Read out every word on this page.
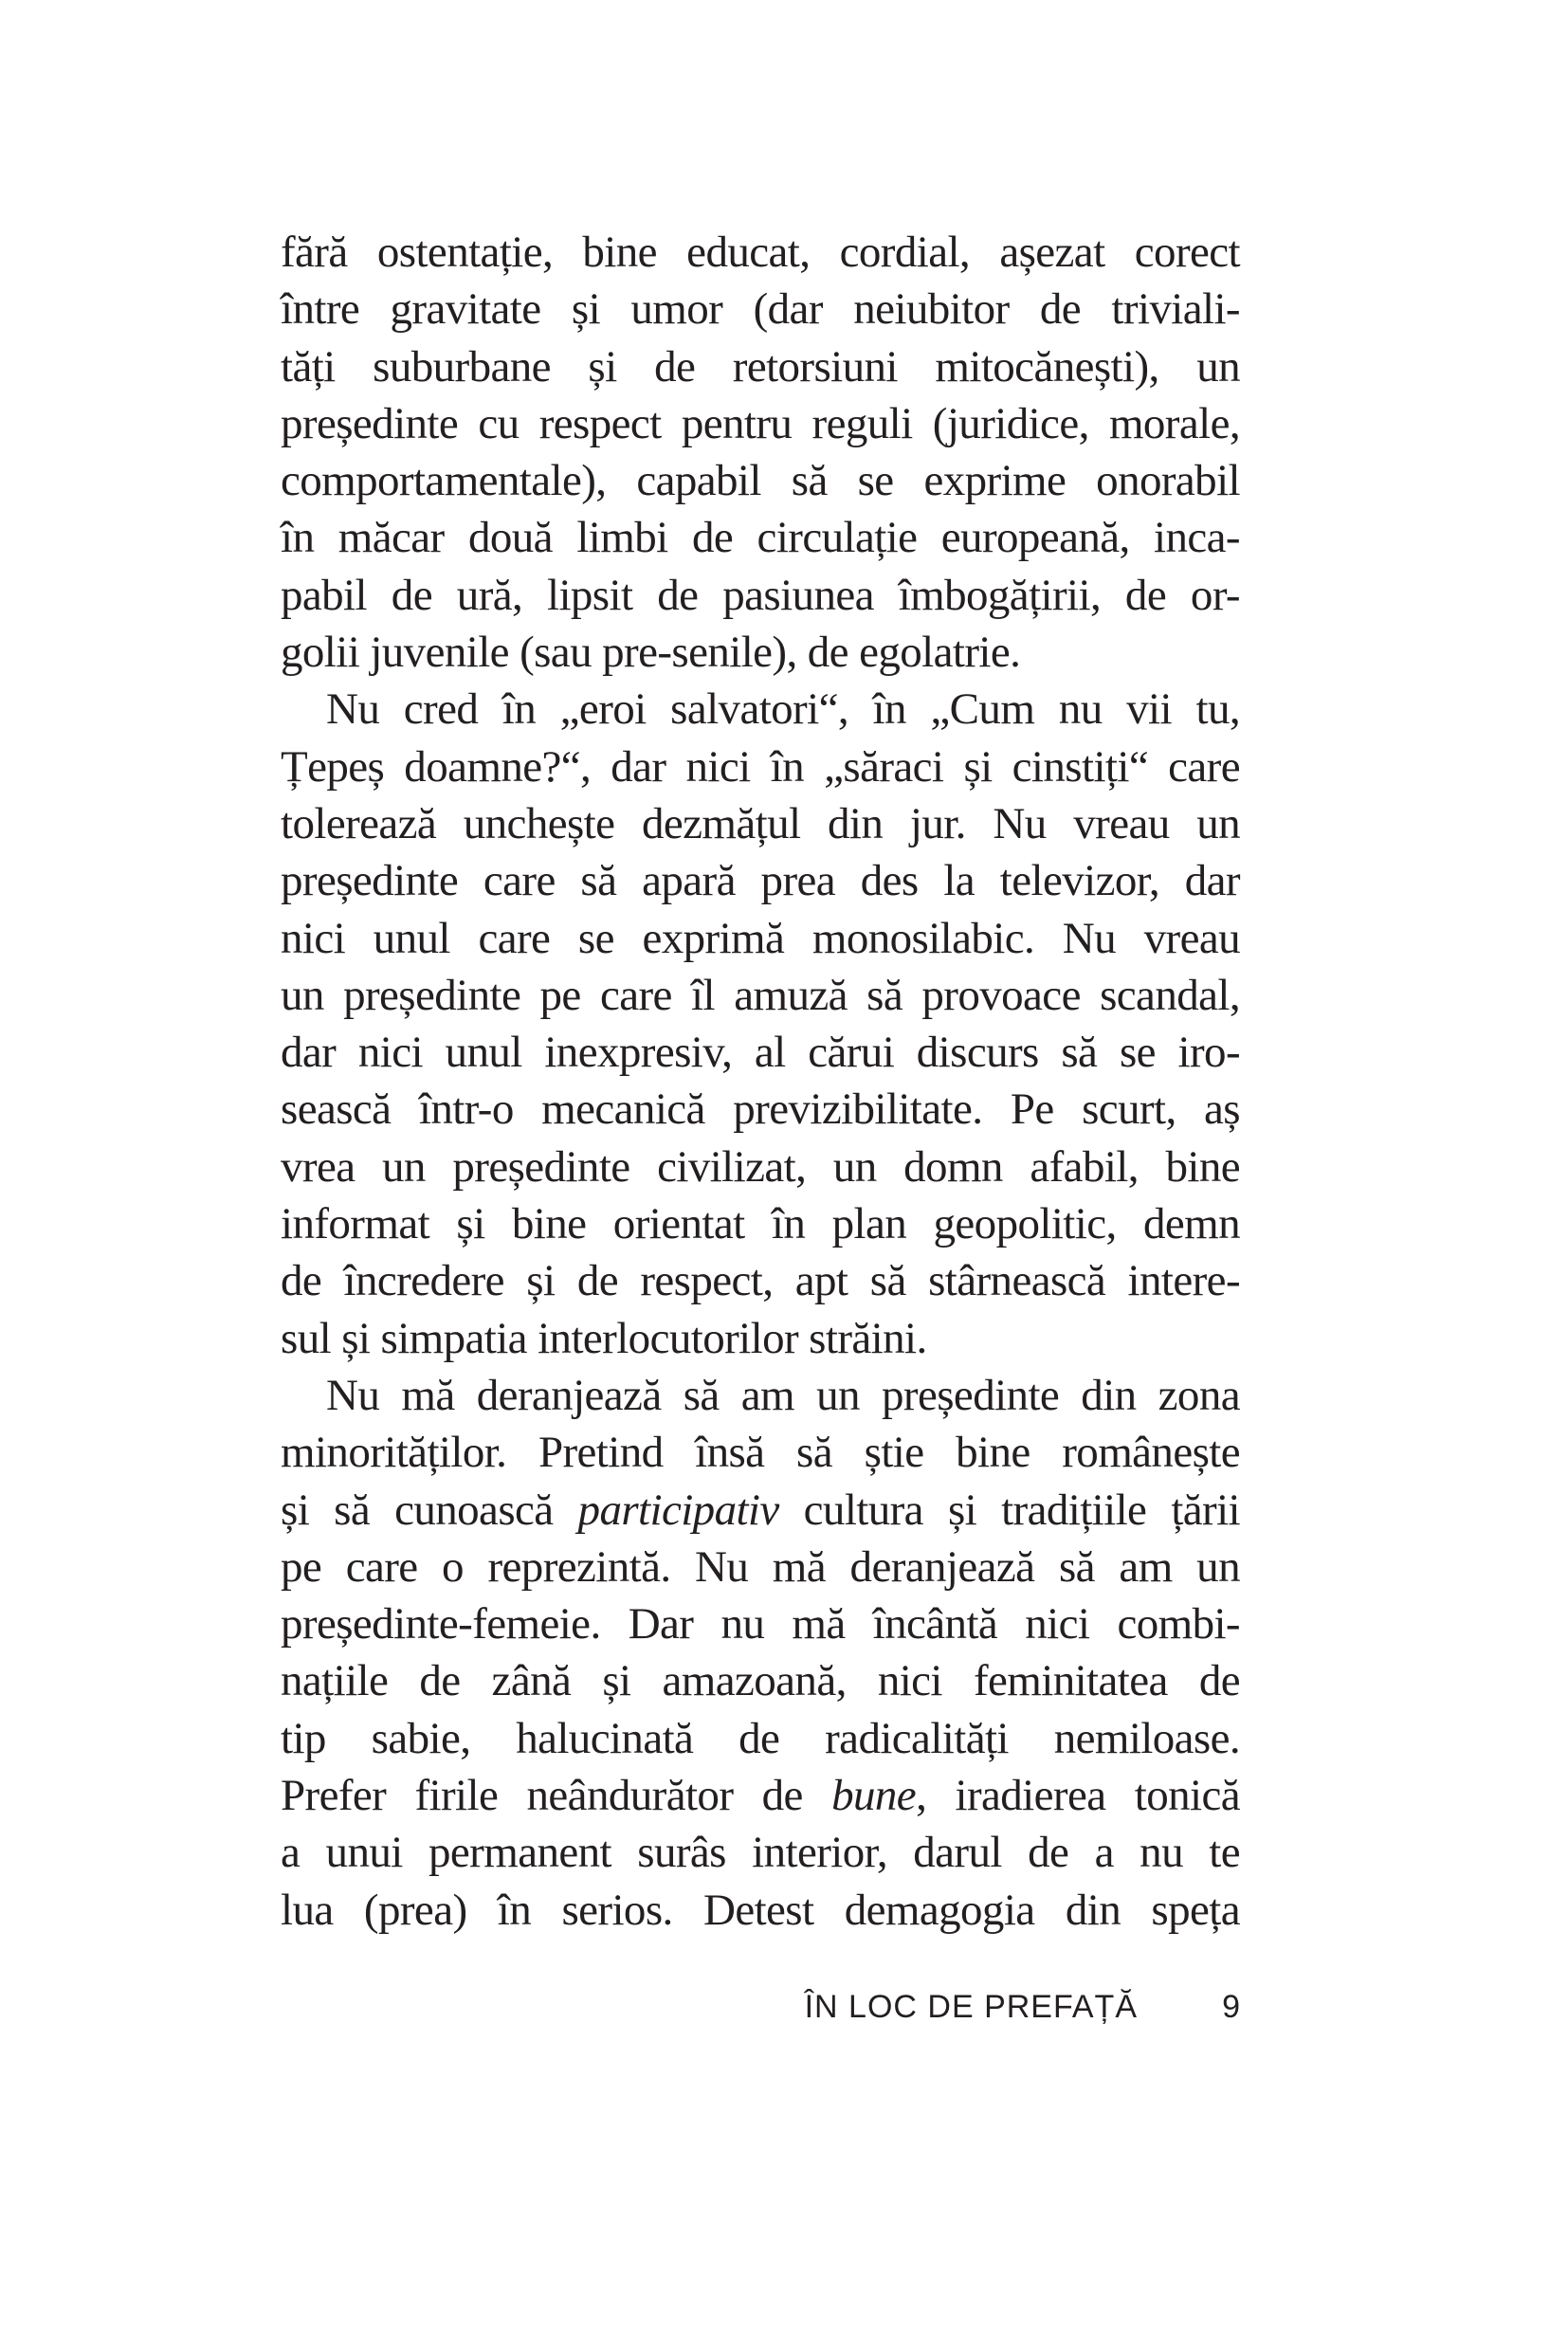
fără ostentație, bine educat, cordial, așezat corect
între gravitate și umor (dar neiubitor de triviali-
tăți suburbane și de retorsiuni mitocănești), un
președinte cu respect pentru reguli (juridice, morale,
comportamentale), capabil să se exprime onorabil
în măcar două limbi de circulație europeană, inca-
pabil de ură, lipsit de pasiunea îmbogățirii, de or-
golii juvenile (sau pre-senile), de egolatrie.
Nu cred în „eroi salvatori“, în „Cum nu vii tu,
Țepeș doamne?“, dar nici în „săraci și cinstiți“ care
tolerează unchește dezmățul din jur. Nu vreau un
președinte care să apară prea des la televizor, dar
nici unul care se exprimă monosilabic. Nu vreau
un președinte pe care îl amuză să provoace scandal,
dar nici unul inexpresiv, al cărui discurs să se iro-
sească într-o mecanică previzibilitate. Pe scurt, aș
vrea un președinte civilizat, un domn afabil, bine
informat și bine orientat în plan geopolitic, demn
de încredere și de respect, apt să stârnească intere-
sul și simpatia interlocutorilor străini.
Nu mă deranjează să am un președinte din zona
minorităților. Pretind însă să știe bine românește
și să cunoască participativ cultura și tradițiile țării
pe care o reprezintă. Nu mă deranjează să am un
președinte-femeie. Dar nu mă încântă nici combi-
națiile de zână și amazoană, nici feminitatea de
tip sabie, halucinată de radicalități nemiloase.
Prefer firile neândurător de bune, iradierea tonică
a unui permanent surâs interior, darul de a nu te
lua (prea) în serios. Detest demagogia din speța
ÎN LOC DE PREFAȚĂ	9
